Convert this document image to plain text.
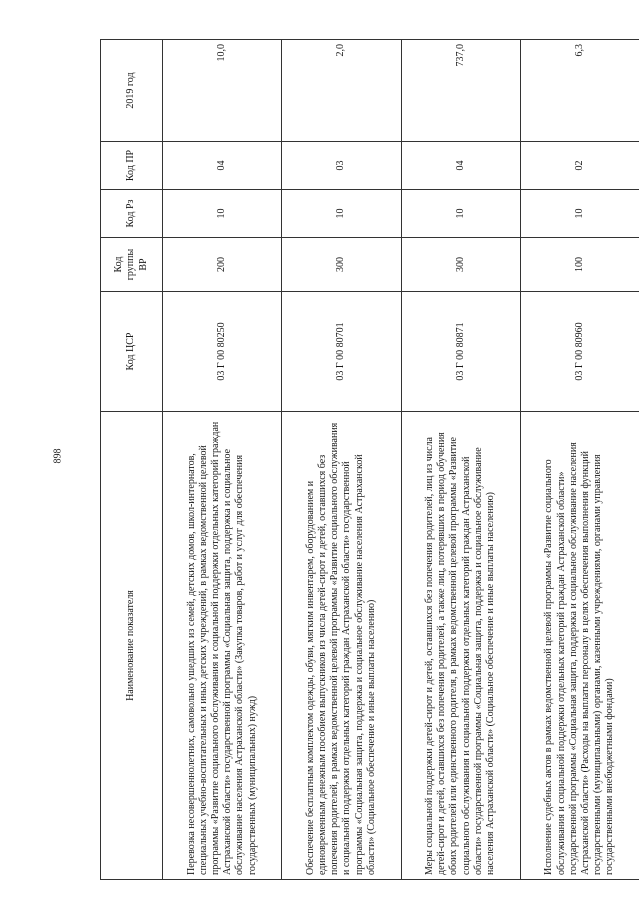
898
Наименование показателя	Код ЦСР	Код группы ВР	Код Рз	Код ПР	2019 год
Перевозка несовершеннолетних, самовольно ушедших из семей, детских домов, школ-интернатов, специальных учебно-воспитательных и иных детских учреждений, в рамках ведомственной целевой программы «Развитие социального обслуживания и социальной поддержки отдельных категорий граждан Астраханской области» государственной программы «Социальная защита, поддержка и социальное обслуживание населения Астраханской области» (Закупка товаров, работ и услуг для обеспечения государственных (муниципальных) нужд)	03 Г 00 80250	200	10	04	10,0
Обеспечение бесплатным комплектом одежды, обуви, мягким инвентарем, оборудованием и единовременным денежным пособием выпускников из числа детей-сирот и детей, оставшихся без попечения родителей, в рамках ведомственной целевой программы «Развитие социального обслуживания и социальной поддержки отдельных категорий граждан Астраханской области» государственной программы «Социальная защита, поддержка и социальное обслуживание населения Астраханской области» (Социальное обеспечение и иные выплаты населению)	03 Г 00 80701	300	10	03	2,0
Меры социальной поддержки детей-сирот и детей, оставшихся без попечения родителей, лиц из числа детей-сирот и детей, оставшихся без попечения родителей, а также лиц, потерявших в период обучения обоих родителей или единственного родителя, в рамках ведомственной целевой программы «Развитие социального обслуживания и социальной поддержки отдельных категорий граждан Астраханской области» государственной программы «Социальная защита, поддержка и социальное обслуживание населения Астраханской области» (Социальное обеспечение и иные выплаты населению)	03 Г 00 80871	300	10	04	737,0
Исполнение судебных актов в рамках ведомственной целевой программы «Развитие социального обслуживания и социальной поддержки отдельных категорий граждан Астраханской области» государственной программы «Социальная защита, поддержка и социальное обслуживание населения Астраханской области» (Расходы на выплаты персоналу в целях обеспечения выполнения функций государственными (муниципальными) органами, казенными учреждениями, органами управления государственными внебюджетными фондами)	03 Г 00 80960	100	10	02	6,3
